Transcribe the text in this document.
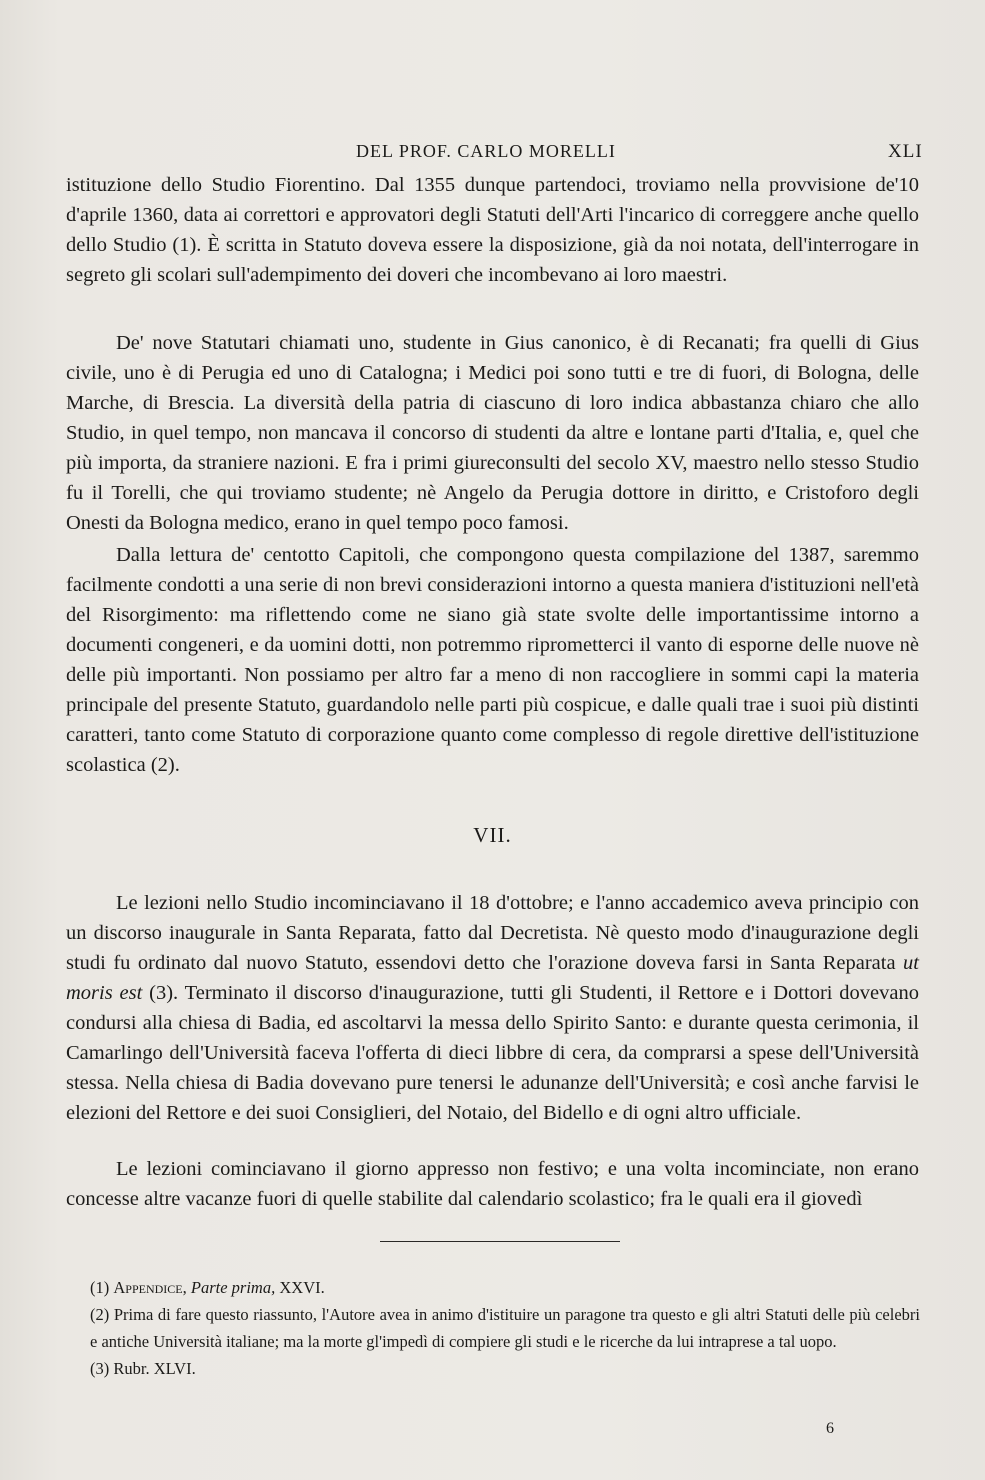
DEL PROF. CARLO MORELLI	XLI

istituzione dello Studio Fiorentino. Dal 1355 dunque partendoci, troviamo nella provvisione de'10 d'aprile 1360, data ai correttori e approvatori degli Statuti dell'Arti l'incarico di correggere anche quello dello Studio (1). È scritta in Statuto doveva essere la disposizione, già da noi notata, dell'interrogare in segreto gli scolari sull'adempimento dei doveri che incombevano ai loro maestri.

De' nove Statutari chiamati uno, studente in Gius canonico, è di Recanati; fra quelli di Gius civile, uno è di Perugia ed uno di Catalogna; i Medici poi sono tutti e tre di fuori, di Bologna, delle Marche, di Brescia. La diversità della patria di ciascuno di loro indica abbastanza chiaro che allo Studio, in quel tempo, non mancava il concorso di studenti da altre e lontane parti d'Italia, e, quel che più importa, da straniere nazioni. E fra i primi giureconsulti del secolo XV, maestro nello stesso Studio fu il Torelli, che qui troviamo studente; nè Angelo da Perugia dottore in diritto, e Cristoforo degli Onesti da Bologna medico, erano in quel tempo poco famosi.

Dalla lettura de' centotto Capitoli, che compongono questa compilazione del 1387, saremmo facilmente condotti a una serie di non brevi considerazioni intorno a questa maniera d'istituzioni nell'età del Risorgimento: ma riflettendo come ne siano già state svolte delle importantissime intorno a documenti congeneri, e da uomini dotti, non potremmo riprometterci il vanto di esporne delle nuove nè delle più importanti. Non possiamo per altro far a meno di non raccogliere in sommi capi la materia principale del presente Statuto, guardandolo nelle parti più cospicue, e dalle quali trae i suoi più distinti caratteri, tanto come Statuto di corporazione quanto come complesso di regole direttive dell'istituzione scolastica (2).

VII.

Le lezioni nello Studio incominciavano il 18 d'ottobre; e l'anno accademico aveva principio con un discorso inaugurale in Santa Reparata, fatto dal Decretista. Nè questo modo d'inaugurazione degli studi fu ordinato dal nuovo Statuto, essendovi detto che l'orazione doveva farsi in Santa Reparata ut moris est (3). Terminato il discorso d'inaugurazione, tutti gli Studenti, il Rettore e i Dottori dovevano condursi alla chiesa di Badia, ed ascoltarvi la messa dello Spirito Santo: e durante questa cerimonia, il Camarlingo dell'Università faceva l'offerta di dieci libbre di cera, da comprarsi a spese dell'Università stessa. Nella chiesa di Badia dovevano pure tenersi le adunanze dell'Università; e così anche farvisi le elezioni del Rettore e dei suoi Consiglieri, del Notaio, del Bidello e di ogni altro ufficiale.

Le lezioni cominciavano il giorno appresso non festivo; e una volta incominciate, non erano concesse altre vacanze fuori di quelle stabilite dal calendario scolastico; fra le quali era il giovedì

(1) Appendice, Parte prima, XXVI.

(2) Prima di fare questo riassunto, l'Autore avea in animo d'istituire un paragone tra questo e gli altri Statuti delle più celebri e antiche Università italiane; ma la morte gl'impedì di compiere gli studi e le ricerche da lui intraprese a tal uopo.

(3) Rubr. XLVI.

6
